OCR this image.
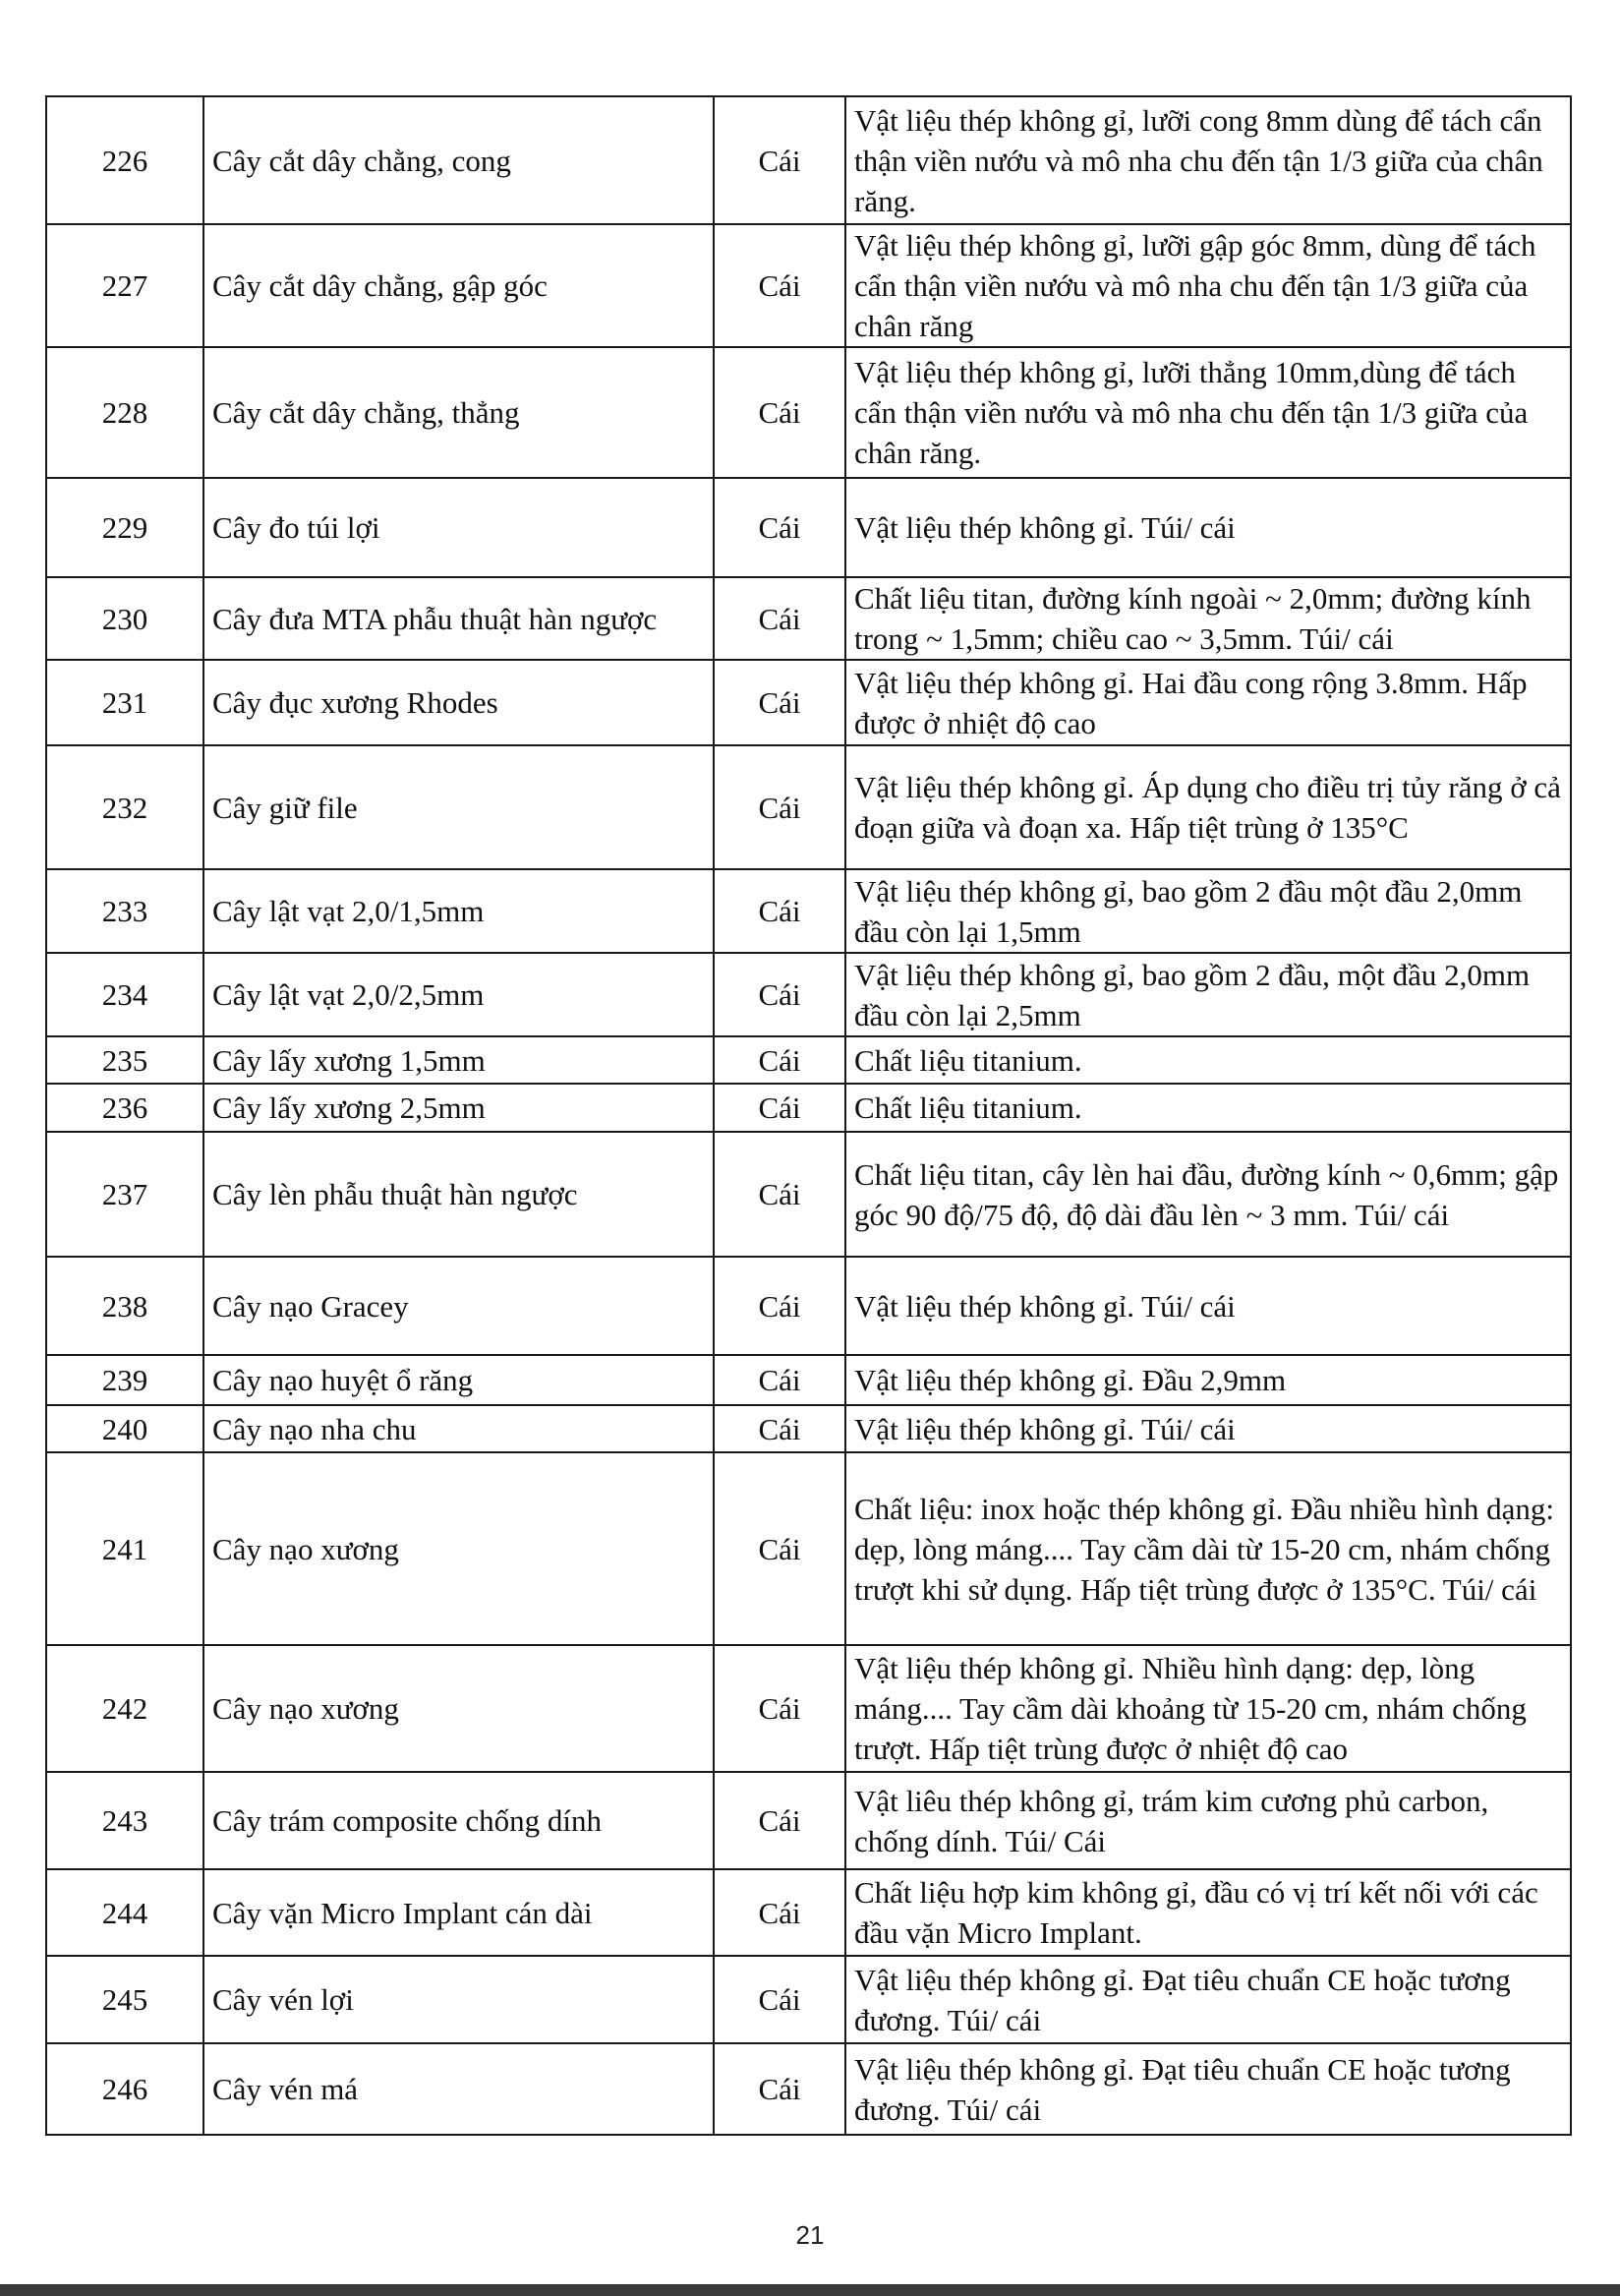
226	Cây cắt dây chằng, cong	Cái	Vật liệu thép không gỉ, lưỡi cong 8mm dùng để tách cẩn thận viền nướu và mô nha chu đến tận 1/3 giữa của chân răng.
227	Cây cắt dây chằng, gập góc	Cái	Vật liệu thép không gỉ, lưỡi gập góc 8mm, dùng để tách cẩn thận viền nướu và mô nha chu đến tận 1/3 giữa của chân răng
228	Cây cắt dây chằng, thẳng	Cái	Vật liệu thép không gỉ, lưỡi thẳng 10mm,dùng để tách cẩn thận viền nướu và mô nha chu đến tận 1/3 giữa của chân răng.
229	Cây đo túi lợi	Cái	Vật liệu thép không gỉ. Túi/ cái
230	Cây đưa MTA phẫu thuật hàn ngược	Cái	Chất liệu titan, đường kính ngoài ~ 2,0mm; đường kính trong ~ 1,5mm; chiều cao ~ 3,5mm. Túi/ cái
231	Cây đục xương Rhodes	Cái	Vật liệu thép không gỉ. Hai đầu cong rộng 3.8mm. Hấp được ở nhiệt độ cao
232	Cây giữ file	Cái	Vật liệu thép không gỉ. Áp dụng cho điều trị tủy răng ở cả đoạn giữa và đoạn xa. Hấp tiệt trùng ở 135°C
233	Cây lật vạt 2,0/1,5mm	Cái	Vật liệu thép không gỉ, bao gồm 2 đầu một đầu 2,0mm đầu còn lại 1,5mm
234	Cây lật vạt 2,0/2,5mm	Cái	Vật liệu thép không gỉ, bao gồm 2 đầu, một đầu 2,0mm đầu còn lại 2,5mm
235	Cây lấy xương 1,5mm	Cái	Chất liệu titanium.
236	Cây lấy xương 2,5mm	Cái	Chất liệu titanium.
237	Cây lèn phẫu thuật hàn ngược	Cái	Chất liệu titan, cây lèn hai đầu, đường kính ~ 0,6mm; gập góc 90 độ/75 độ, độ dài đầu lèn ~ 3 mm. Túi/ cái
238	Cây nạo Gracey	Cái	Vật liệu thép không gỉ. Túi/ cái
239	Cây nạo huyệt ổ răng	Cái	Vật liệu thép không gỉ. Đầu 2,9mm
240	Cây nạo nha chu	Cái	Vật liệu thép không gỉ. Túi/ cái
241	Cây nạo xương	Cái	Chất liệu: inox hoặc thép không gỉ. Đầu nhiều hình dạng: dẹp, lòng máng.... Tay cầm dài từ 15-20 cm, nhám chống trượt khi sử dụng. Hấp tiệt trùng được ở 135°C. Túi/ cái
242	Cây nạo xương	Cái	Vật liệu thép không gỉ. Nhiều hình dạng: dẹp, lòng máng.... Tay cầm dài khoảng từ 15-20 cm, nhám chống trượt. Hấp tiệt trùng được ở nhiệt độ cao
243	Cây trám composite chống dính	Cái	Vật liêu thép không gỉ, trám kim cương phủ carbon, chống dính. Túi/ Cái
244	Cây vặn Micro Implant cán dài	Cái	Chất liệu hợp kim không gỉ, đầu có vị trí kết nối với các đầu vặn Micro Implant.
245	Cây vén lợi	Cái	Vật liệu thép không gỉ. Đạt tiêu chuẩn CE hoặc tương đương. Túi/ cái
246	Cây vén má	Cái	Vật liệu thép không gỉ. Đạt tiêu chuẩn CE hoặc tương đương. Túi/ cái
21
